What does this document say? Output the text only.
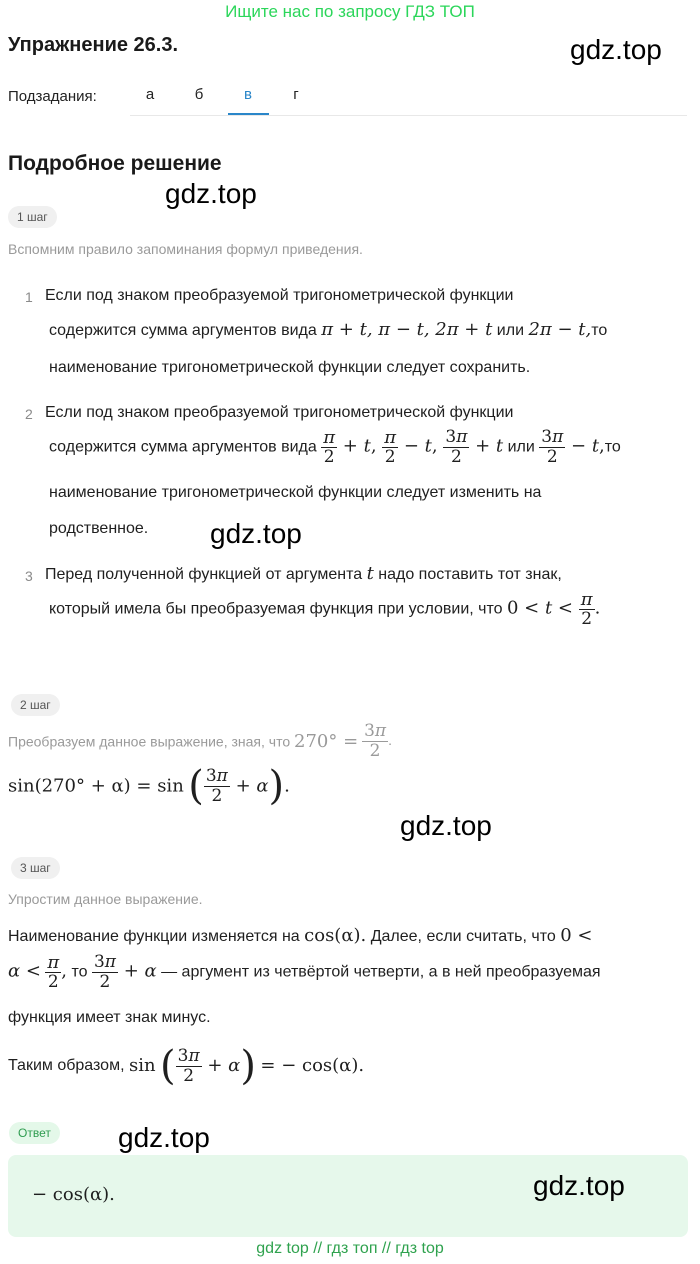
Ищите нас по запросу ГДЗ ТОП
Упражнение 26.3.	gdz.top
Подзадания:	а	б	в	г
Подробное решение
gdz.top
1 шаг
Вспомним правило запоминания формул приведения.
1 Если под знаком преобразуемой тригонометрической функции
содержится сумма аргументов вида π + t, π − t, 2π + t или 2π − t,то
наименование тригонометрической функции следует сохранить.
2 Если под знаком преобразуемой тригонометрической функции
содержится сумма аргументов вида $\frac{\pi}{2} + t$, $\frac{\pi}{2} - t$, $\frac{3\pi}{2} + t$ или $\frac{3\pi}{2} - t,то$
наименование тригонометрической функции следует изменить на
родственное. gdz.top
3 Перед полученной функцией от аргумента t надо поставить тот знак,
который имела бы преобразуемая функция при условии, что $0 < t < \frac{\pi}{2}$ .
2 шаг
Преобразуем данное выражение, зная, что $270^\circ = \frac{3\pi}{2}$ .
sin(270° + α) = sin ( $\frac{3\pi}{2} + \alpha$).
gdz.top
3 шаг
Упростим данное выражение.
Наименование функции изменяется на cos(α). Далее, если считать, что 0 <
$\alpha < \frac{\pi}{2}$ , то $\frac{3\pi}{2} + \alpha$ — аргумент из четвёртой четверти, а в ней преобразуемая
функция имеет знак минус.
Таким образом, sin ( $\frac{3\pi}{2} + \alpha$) = − cos(α).
Ответ	gdz.top
− cos(α).	gdz.top
gdz top // гдз топ // гдз top
